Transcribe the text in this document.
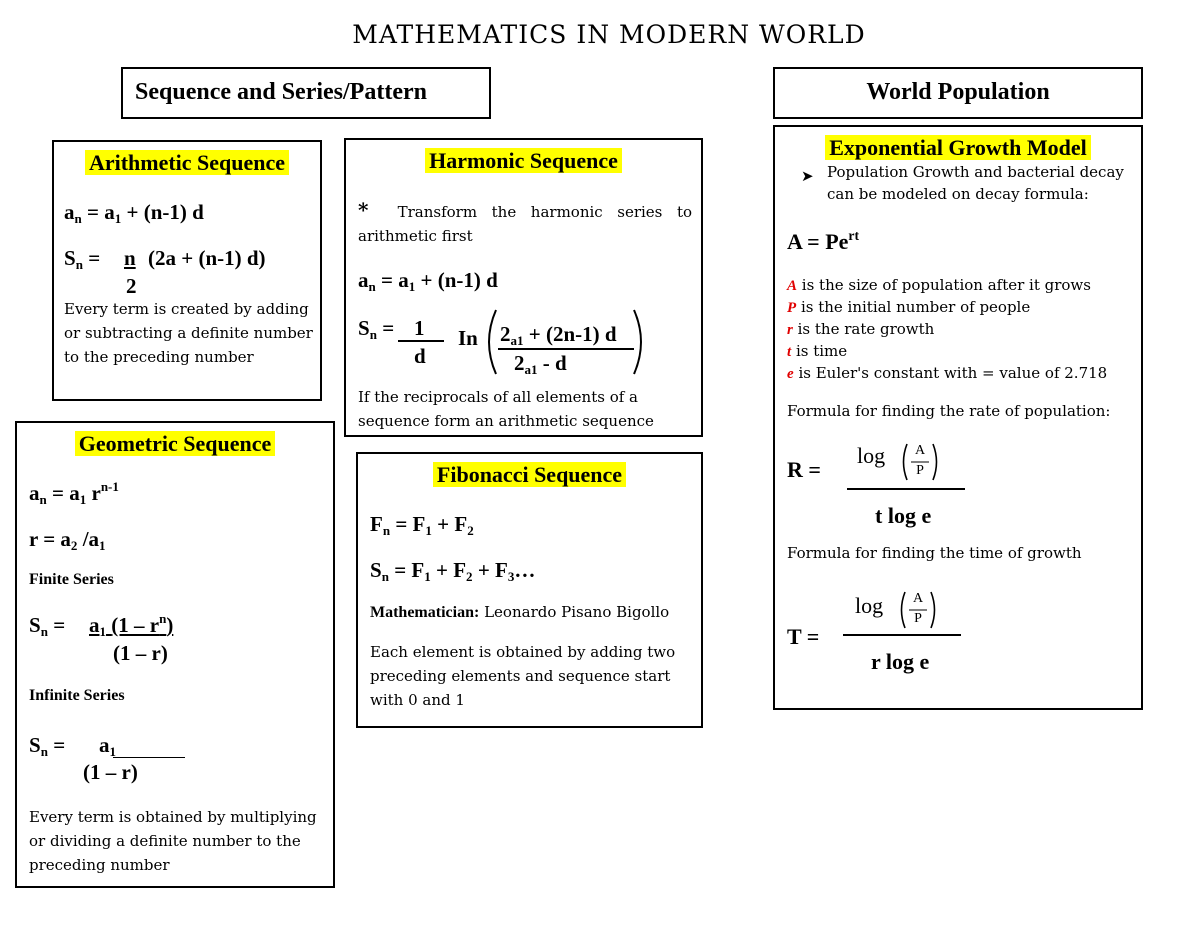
MATHEMATICS IN MODERN WORLD
Sequence and Series/Pattern	World Population
Arithmetic Sequence
$a_n = a_1 + (n-1)$ d
$S_n = n$
2
(2a + (n-1) d)
Every term is created by adding or subtracting a definite number to the preceding number
Harmonic Sequence
* Transform the harmonic series to arithmetic first
$a_n = a_1 + (n-1)$ d
$S_n = 1$
d
In $2_{a1} + (2n-1)$ d
$2_{a1}$ - d
If the reciprocals of all elements of a sequence form an arithmetic sequence
Geometric Sequence
$a_n = a_1$ $r^{n-1}$
$r = a_2$ $/a_1$
Finite Series
$S_n = a_1$ $(1 - r^n)$
(1 – r)
Infinite Series
$S_n = a_1$
(1 – r)
Every term is obtained by multiplying or dividing a definite number to the preceding number
Fibonacci Sequence
$F_n = F_1 + F_2$
$S_n = F_1 + F_2$ + $F_3\dots$
Mathematician: Leonardo Pisano Bigollo
Each element is obtained by adding two preceding elements and sequence start with 0 and 1
Exponential Growth Model
➤ Population Growth and bacterial decay can be modeled on decay formula:
$A = Pe^{rt}$
A is the size of population after it grows
P is the initial number of people
r is the rate growth
t is time
e is Euler's constant with = value of 2.718
Formula for finding the rate of population:
R =
log A
P
t log e
Formula for finding the time of growth
T =
log A
P
r log e
